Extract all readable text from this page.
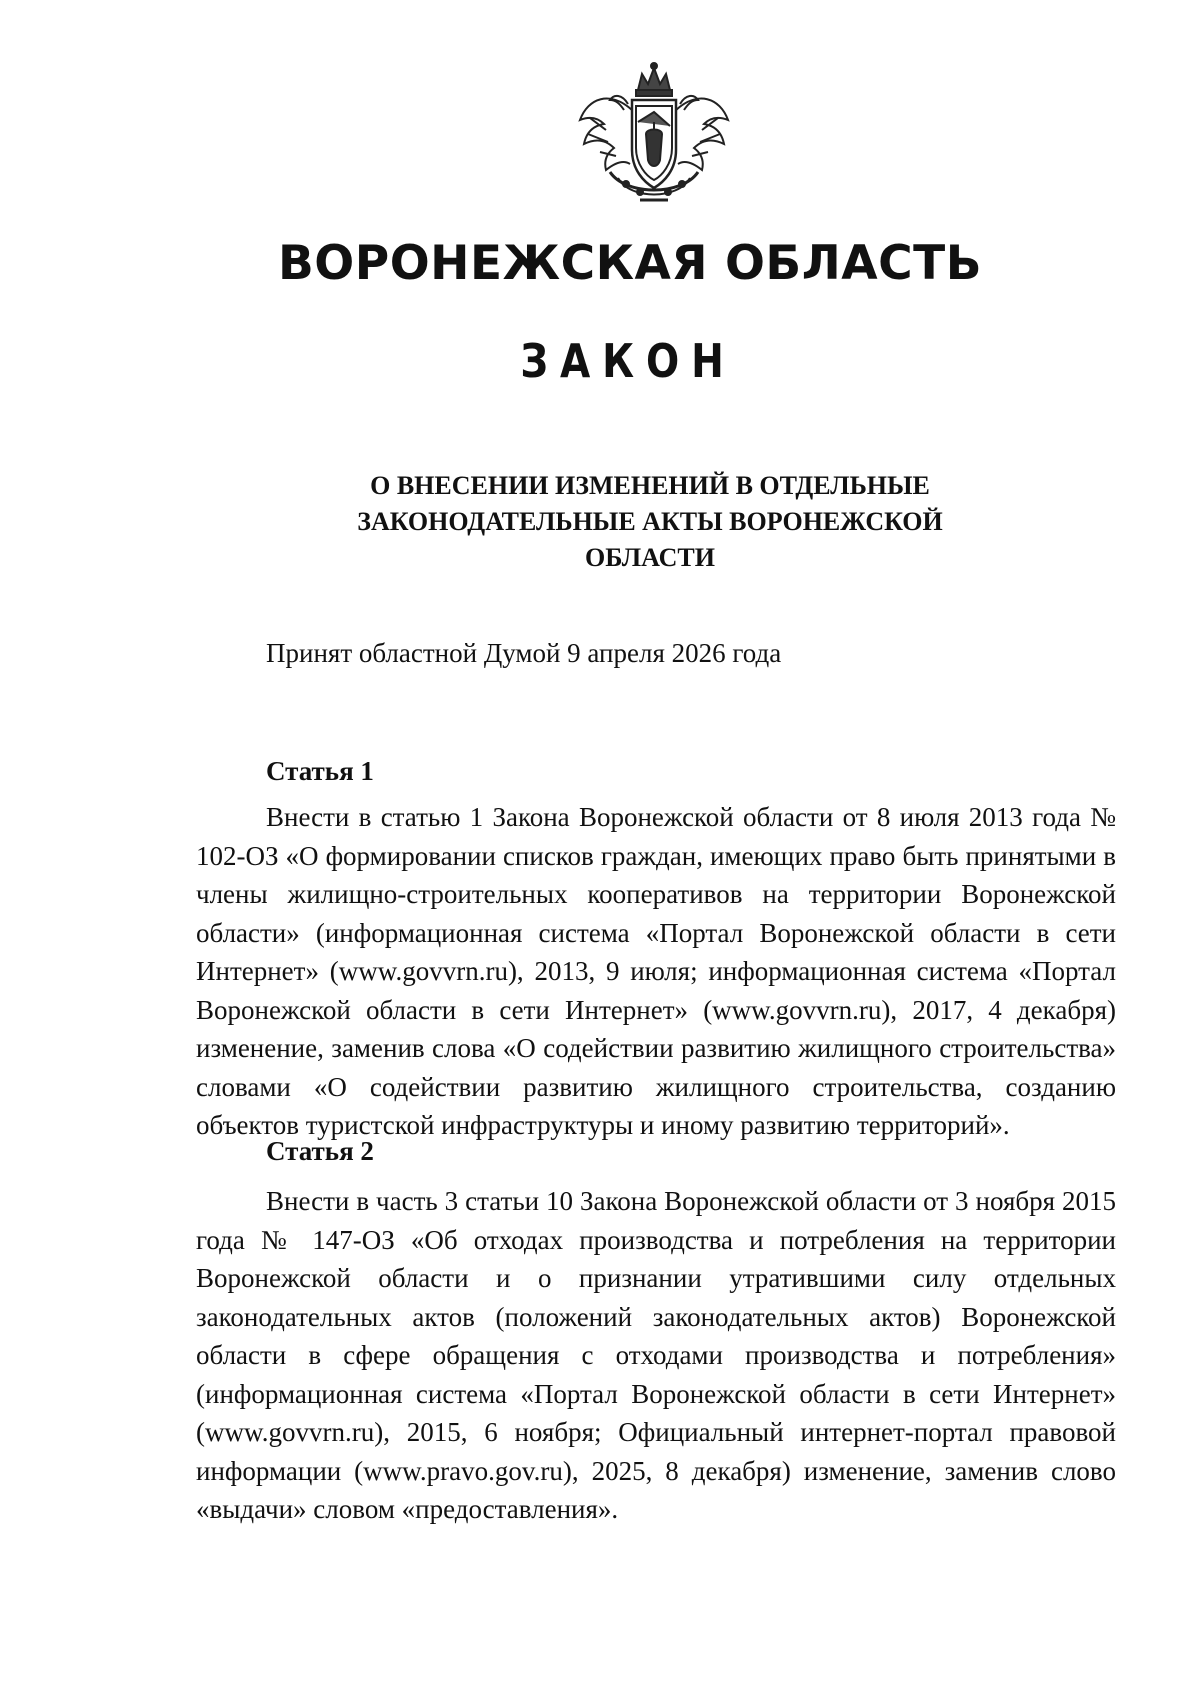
ВОРОНЕЖСКАЯ ОБЛАСТЬ
ЗАКОН
О ВНЕСЕНИИ ИЗМЕНЕНИЙ В ОТДЕЛЬНЫЕ ЗАКОНОДАТЕЛЬНЫЕ АКТЫ ВОРОНЕЖСКОЙ ОБЛАСТИ
Принят областной Думой 9 апреля 2026 года
Статья 1

Внести в статью 1 Закона Воронежской области от 8 июля 2013 года № 102-ОЗ «О формировании списков граждан, имеющих право быть принятыми в члены жилищно-строительных кооперативов на территории Воронежской области» (информационная система «Портал Воронежской области в сети Интернет» (www.govvrn.ru), 2013, 9 июля; информационная система «Портал Воронежской области в сети Интернет» (www.govvrn.ru), 2017, 4 декабря) изменение, заменив слова «О содействии развитию жилищного строительства» словами «О содействии развитию жилищного строительства, созданию объектов туристской инфраструктуры и иному развитию территорий».

Статья 2

Внести в часть 3 статьи 10 Закона Воронежской области от 3 ноября 2015 года № 147-ОЗ «Об отходах производства и потребления на территории Воронежской области и о признании утратившими силу отдельных законодательных актов (положений законодательных актов) Воронежской области в сфере обращения с отходами производства и потребления» (информационная система «Портал Воронежской области в сети Интернет» (www.govvrn.ru), 2015, 6 ноября; Официальный интернет-портал правовой информации (www.pravo.gov.ru), 2025, 8 декабря) изменение, заменив слово «выдачи» словом «предоставления».
